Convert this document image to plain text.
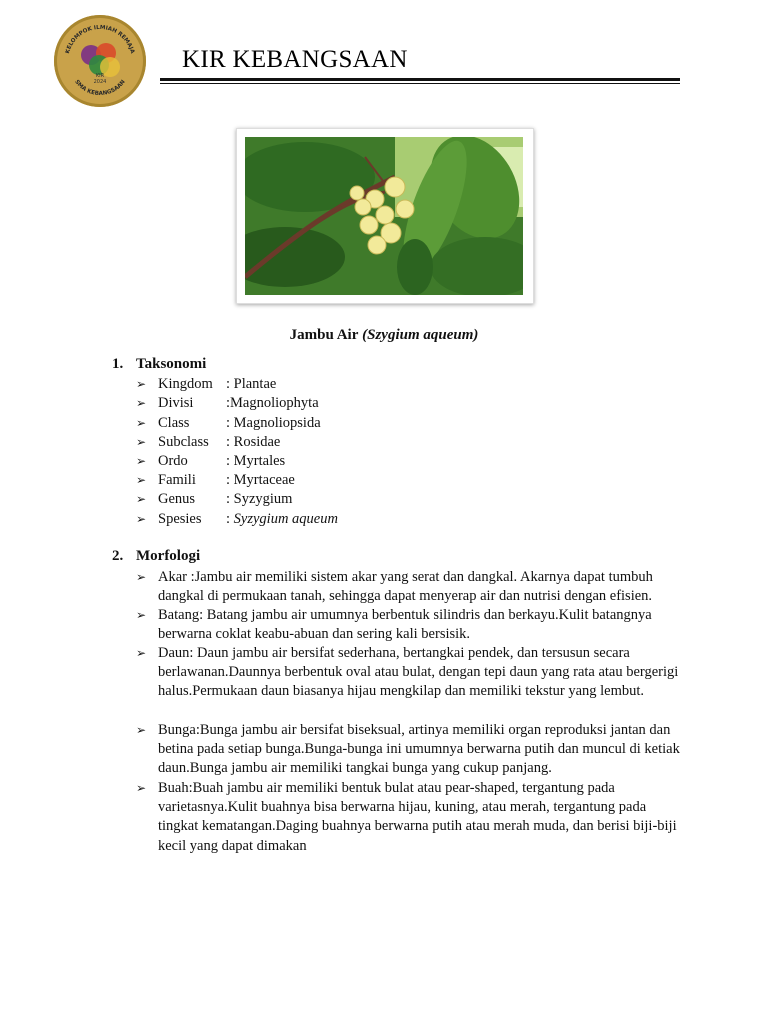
KELOMPOK ILMIAH REMAJA
SMA KEBANGSAAN
KIR
2024
KIR KEBANGSAAN
Jambu Air (Szygium aqueum)
1. Taksonomi
➢ Kingdom : Plantae
➢ Divisi :Magnoliophyta
➢ Class	: Magnoliopsida
➢ Subclass : Rosidae
➢ Ordo	: Myrtales
➢ Famili : Myrtaceae
➢ Genus : Syzygium
➢ Spesies : Syzygium aqueum
2. Morfologi
➢ Akar :Jambu air memiliki sistem akar yang serat dan dangkal. Akarnya dapat tumbuh dangkal di permukaan tanah, sehingga dapat menyerap air dan nutrisi dengan efisien.
➢ Batang: Batang jambu air umumnya berbentuk silindris dan berkayu.Kulit batangnya berwarna coklat keabu-abuan dan sering kali bersisik.
➢ Daun: Daun jambu air bersifat sederhana, bertangkai pendek, dan tersusun secara berlawanan.Daunnya berbentuk oval atau bulat, dengan tepi daun yang rata atau bergerigi halus.Permukaan daun biasanya hijau mengkilap dan memiliki tekstur yang lembut.
➢ Bunga:Bunga jambu air bersifat biseksual, artinya memiliki organ reproduksi jantan dan betina pada setiap bunga.Bunga-bunga ini umumnya berwarna putih dan muncul di ketiak daun.Bunga jambu air memiliki tangkai bunga yang cukup panjang.
➢ Buah:Buah jambu air memiliki bentuk bulat atau pear-shaped, tergantung pada varietasnya.Kulit buahnya bisa berwarna hijau, kuning, atau merah, tergantung pada tingkat kematangan.Daging buahnya berwarna putih atau merah muda, dan berisi biji-biji kecil yang dapat dimakan
